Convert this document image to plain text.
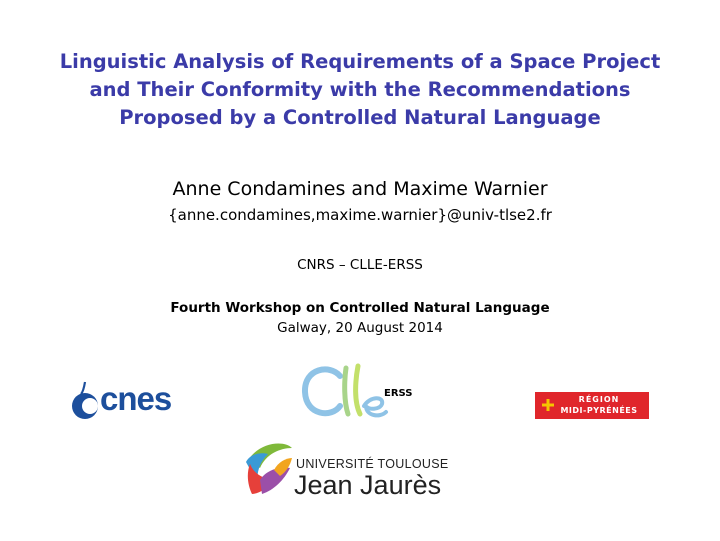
Linguistic Analysis of Requirements of a Space Project
and Their Conformity with the Recommendations
Proposed by a Controlled Natural Language
Anne Condamines and Maxime Warnier
{anne.condamines,maxime.warnier}@univ-tlse2.fr
CNRS – CLLE-ERSS
Fourth Workshop on Controlled Natural Language
Galway, 20 August 2014
cnes	ERSS
RÉGION
MIDI-PYRÉNÉES
UNIVERSITÉ TOULOUSE
Jean Jaurès
